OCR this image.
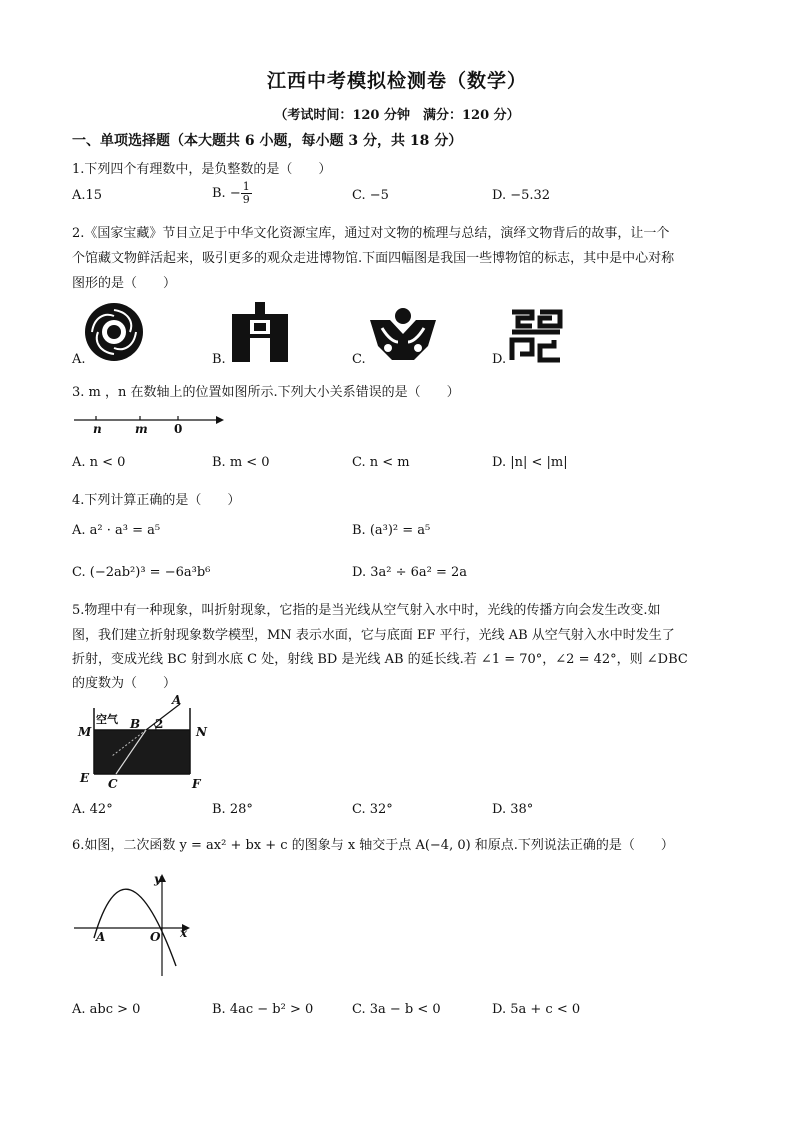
江西中考模拟检测卷（数学）
（考试时间：120 分钟　满分：120 分）
一、单项选择题（本大题共 6 小题，每小题 3 分，共 18 分）
1.下列四个有理数中，是负整数的是（　　）
A.15	B. − $\frac{1}{9}$	C. −5	D. −5.32
2.《国家宝藏》节目立足于中华文化资源宝库，通过对文物的梳理与总结，演绎文物背后的故事，让一个
个馆藏文物鲜活起来，吸引更多的观众走进博物馆.下面四幅图是我国一些博物馆的标志，其中是中心对称
图形的是（　　）
A.	B.	C.	D.
3. m ，n 在数轴上的位置如图所示.下列大小关系错误的是（　　）
n	m 0
A. n < 0	B. m < 0	C. n < m	D. |n| < |m|
4.下列计算正确的是（　　）
A. a² · a³ = a⁵	B. (a³)² = a⁵
C. (−2ab²)³ = −6a³b⁶	D. 3a² ÷ 6a² = 2a
5.物理中有一种现象，叫折射现象，它指的是当光线从空气射入水中时，光线的传播方向会发生改变.如
图，我们建立折射现象数学模型，MN 表示水面，它与底面 EF 平行，光线 AB 从空气射入水中时发生了
折射，变成光线 BC 射到水底 C 处，射线 BD 是光线 AB 的延长线.若 ∠1 = 70°，∠2 = 42°，则 ∠DBC
的度数为（　　）
空气
A
B 2
M	N
E C	F
A. 42°	B. 28°	C. 32°	D. 38°
6.如图，二次函数 y = ax² + bx + c 的图象与 x 轴交于点 A(−4, 0) 和原点.下列说法正确的是（　　）
y
x
A	O
A. abc > 0	B. 4ac − b² > 0	C. 3a − b < 0	D. 5a + c < 0
